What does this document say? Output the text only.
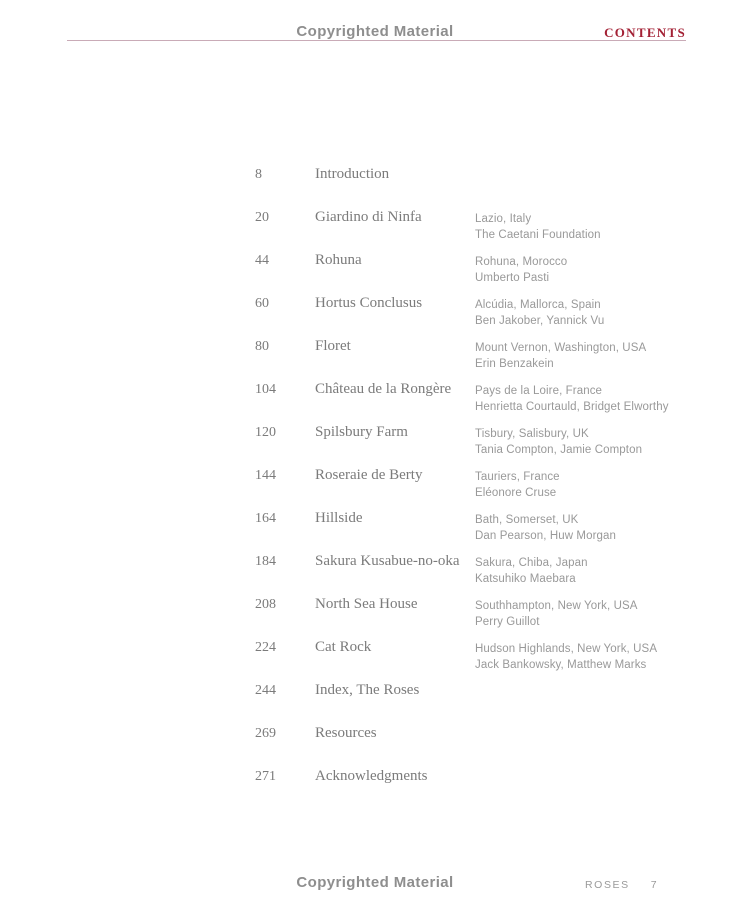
Copyrighted Material	CONTENTS
8	Introduction
20	Giardino di Ninfa	Lazio, Italy
The Caetani Foundation
44	Rohuna	Rohuna, Morocco
Umberto Pasti
60	Hortus Conclusus	Alcúdia, Mallorca, Spain
Ben Jakober, Yannick Vu
80	Floret	Mount Vernon, Washington, USA
Erin Benzakein
104	Château de la Rongère	Pays de la Loire, France
Henrietta Courtauld, Bridget Elworthy
120	Spilsbury Farm	Tisbury, Salisbury, UK
Tania Compton, Jamie Compton
144	Roseraie de Berty	Tauriers, France
Eléonore Cruse
164	Hillside	Bath, Somerset, UK
Dan Pearson, Huw Morgan
184	Sakura Kusabue-no-oka	Sakura, Chiba, Japan
Katsuhiko Maebara
208	North Sea House	Southhampton, New York, USA
Perry Guillot
224	Cat Rock	Hudson Highlands, New York, USA
Jack Bankowsky, Matthew Marks
244	Index, The Roses
269	Resources
271	Acknowledgments
Copyrighted Material	ROSES 7
